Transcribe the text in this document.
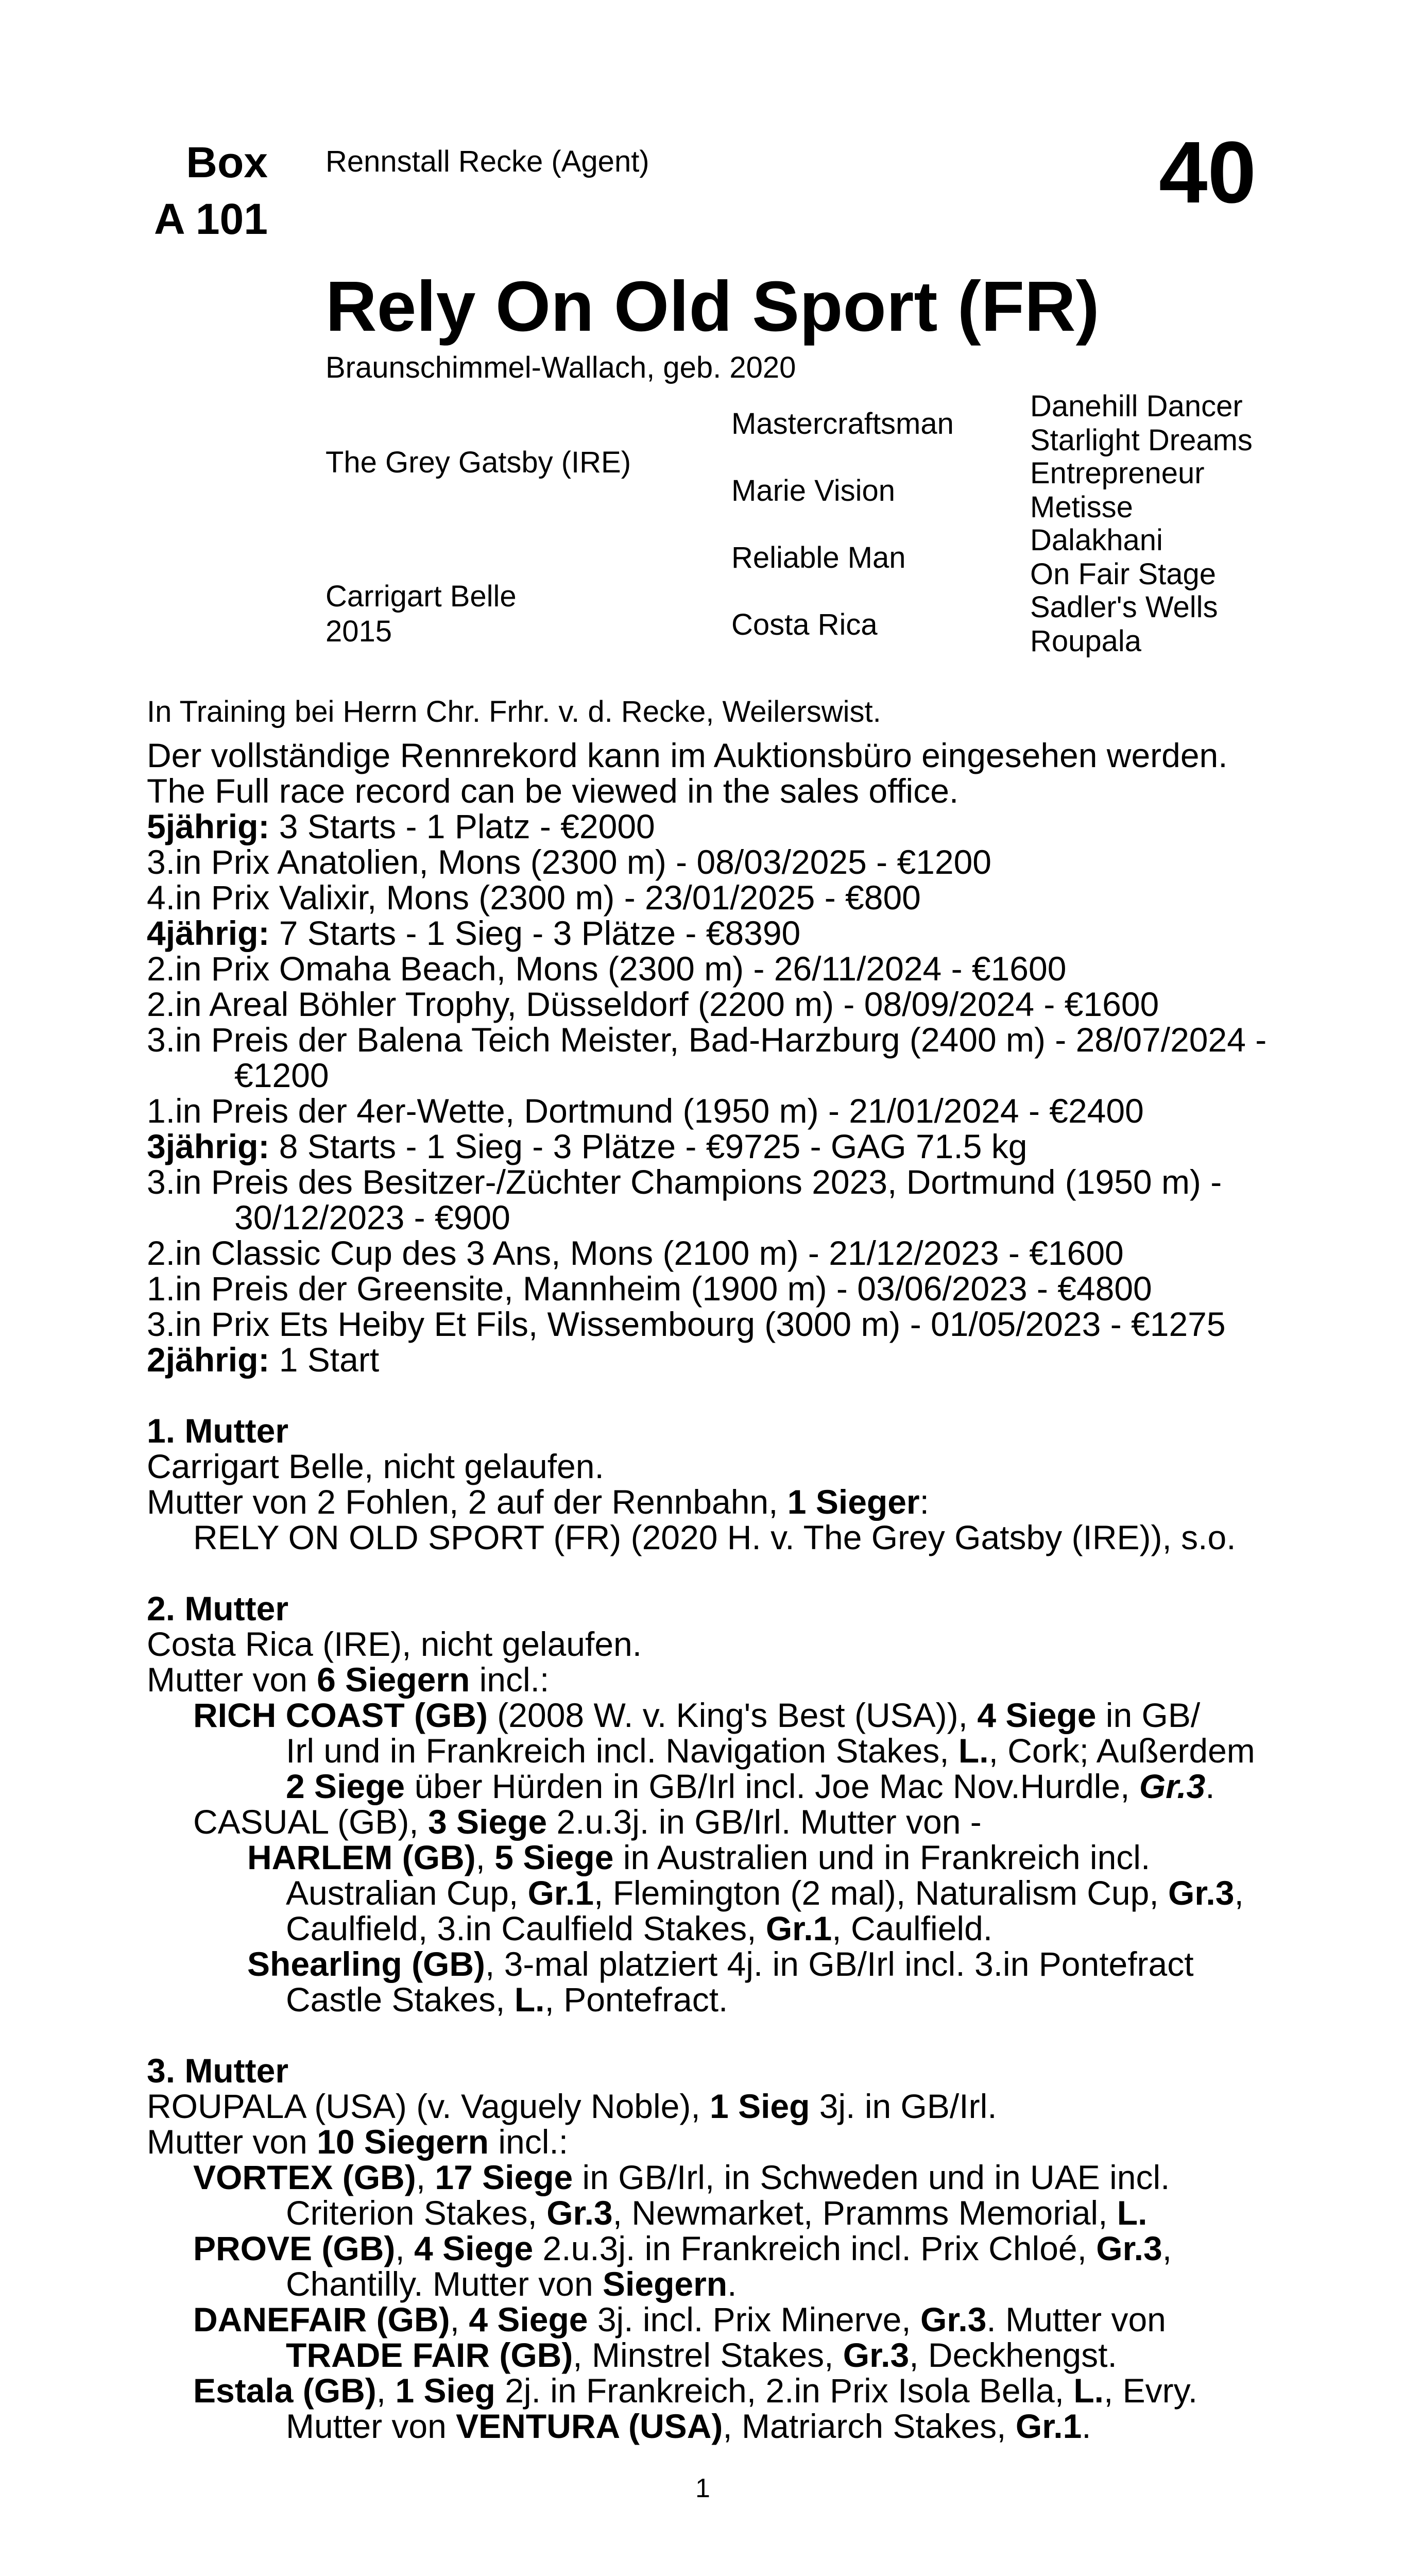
Box
A 101
Rennstall Recke (Agent)	40
Rely On Old Sport (FR)
Braunschimmel-Wallach, geb. 2020
The Grey Gatsby (IRE)
Carrigart Belle
2015
Mastercraftsman
Marie Vision
Reliable Man
Costa Rica
Danehill Dancer
Starlight Dreams
Entrepreneur
Metisse
Dalakhani
On Fair Stage
Sadler's Wells
Roupala
In Training bei Herrn Chr. Frhr. v. d. Recke, Weilerswist.
Der vollständige Rennrekord kann im Auktionsbüro eingesehen werden.
The Full race record can be viewed in the sales office.
5jährig: 3 Starts - 1 Platz - €2000
3.in Prix Anatolien, Mons (2300 m) - 08/03/2025 - €1200
4.in Prix Valixir, Mons (2300 m) - 23/01/2025 - €800
4jährig: 7 Starts - 1 Sieg - 3 Plätze - €8390
2.in Prix Omaha Beach, Mons (2300 m) - 26/11/2024 - €1600
2.in Areal Böhler Trophy, Düsseldorf (2200 m) - 08/09/2024 - €1600
3.in Preis der Balena Teich Meister, Bad-Harzburg (2400 m) - 28/07/2024 -
€1200
1.in Preis der 4er-Wette, Dortmund (1950 m) - 21/01/2024 - €2400
3jährig: 8 Starts - 1 Sieg - 3 Plätze - €9725 - GAG 71.5 kg
3.in Preis des Besitzer-/Züchter Champions 2023, Dortmund (1950 m) -
30/12/2023 - €900
2.in Classic Cup des 3 Ans, Mons (2100 m) - 21/12/2023 - €1600
1.in Preis der Greensite, Mannheim (1900 m) - 03/06/2023 - €4800
3.in Prix Ets Heiby Et Fils, Wissembourg (3000 m) - 01/05/2023 - €1275
2jährig: 1 Start
1. Mutter
Carrigart Belle, nicht gelaufen.
Mutter von 2 Fohlen, 2 auf der Rennbahn, 1 Sieger:
RELY ON OLD SPORT (FR) (2020 H. v. The Grey Gatsby (IRE)), s.o.
2. Mutter
Costa Rica (IRE), nicht gelaufen.
Mutter von 6 Siegern incl.:
RICH COAST (GB) (2008 W. v. King's Best (USA)), 4 Siege in GB/
Irl und in Frankreich incl. Navigation Stakes, L., Cork; Außerdem
2 Siege über Hürden in GB/Irl incl. Joe Mac Nov.Hurdle, Gr.3.
CASUAL (GB), 3 Siege 2.u.3j. in GB/Irl. Mutter von -
HARLEM (GB), 5 Siege in Australien und in Frankreich incl.
Australian Cup, Gr.1, Flemington (2 mal), Naturalism Cup, Gr.3,
Caulfield, 3.in Caulfield Stakes, Gr.1, Caulfield.
Shearling (GB), 3-mal platziert 4j. in GB/Irl incl. 3.in Pontefract
Castle Stakes, L., Pontefract.
3. Mutter
ROUPALA (USA) (v. Vaguely Noble), 1 Sieg 3j. in GB/Irl.
Mutter von 10 Siegern incl.:
VORTEX (GB), 17 Siege in GB/Irl, in Schweden und in UAE incl.
Criterion Stakes, Gr.3, Newmarket, Pramms Memorial, L.
PROVE (GB), 4 Siege 2.u.3j. in Frankreich incl. Prix Chloé, Gr.3,
Chantilly. Mutter von Siegern.
DANEFAIR (GB), 4 Siege 3j. incl. Prix Minerve, Gr.3. Mutter von
TRADE FAIR (GB), Minstrel Stakes, Gr.3, Deckhengst.
Estala (GB), 1 Sieg 2j. in Frankreich, 2.in Prix Isola Bella, L., Evry.
Mutter von VENTURA (USA), Matriarch Stakes, Gr.1.
1
